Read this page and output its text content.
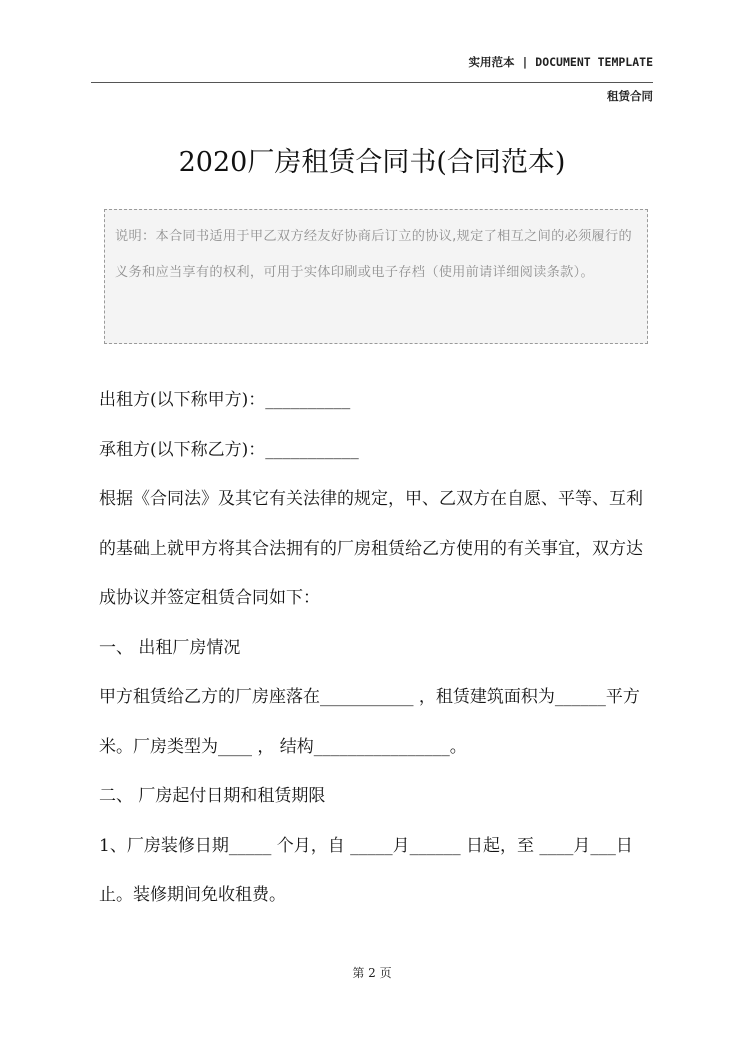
实用范本 | DOCUMENT TEMPLATE
租赁合同
2020厂房租赁合同书(合同范本)
说明：本合同书适用于甲乙双方经友好协商后订立的协议,规定了相互之间的必须履行的义务和应当享有的权利，可用于实体印刷或电子存档（使用前请详细阅读条款）。

出租方(以下称甲方)：__________

承租方(以下称乙方)：___________

根据《合同法》及其它有关法律的规定，甲、乙双方在自愿、平等、互利的基础上就甲方将其合法拥有的厂房租赁给乙方使用的有关事宜，双方达成协议并签定租赁合同如下：

一、 出租厂房情况

甲方租赁给乙方的厂房座落在___________ ，租赁建筑面积为______平方米。厂房类型为____ ， 结构________________。

二、 厂房起付日期和租赁期限

1、厂房装修日期_____ 个月，自 _____月______ 日起，至 ____月___日止。装修期间免收租费。

第 2 页
